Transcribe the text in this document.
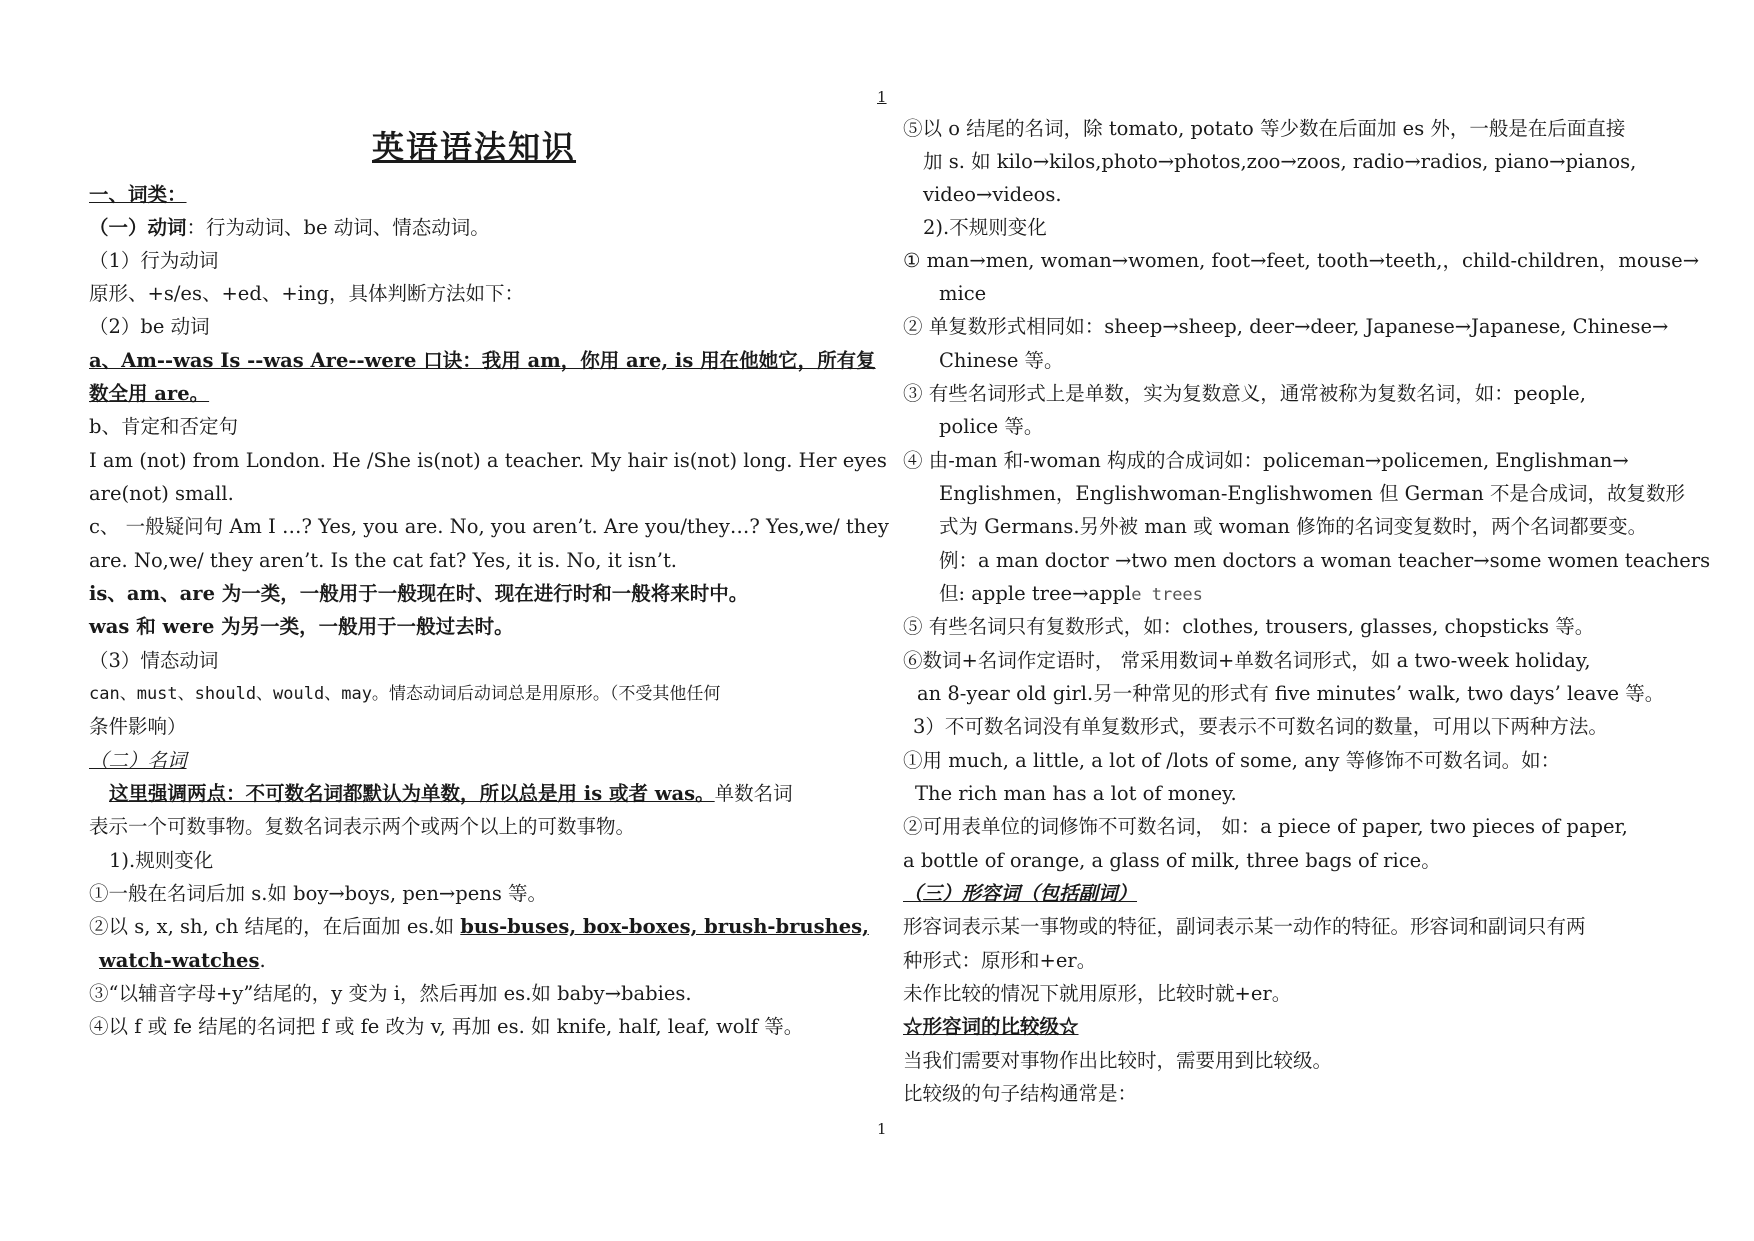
1
英语语法知识
一、词类：
（一）动词：行为动词、be 动词、情态动词。
（1）行为动词
原形、+s/es、+ed、+ing，具体判断方法如下：
（2）be 动词
a、Am--was Is --was Are--were 口诀：我用 am，你用 are, is 用在他她它，所有复
数全用 are。
b、肯定和否定句
I am (not) from London. He /She is(not) a teacher. My hair is(not) long. Her eyes
are(not) small.
c、 一般疑问句 Am I …? Yes, you are. No, you aren’t. Are you/they…? Yes,we/ they
are. No,we/ they aren’t. Is the cat fat? Yes, it is. No, it isn’t.
is、am、are 为一类，一般用于一般现在时、现在进行时和一般将来时中。
was 和 were 为另一类，一般用于一般过去时。
（3）情态动词
can、must、should、would、may。情态动词后动词总是用原形。（不受其他任何
条件影响）
（二）名词
这里强调两点：不可数名词都默认为单数，所以总是用 is 或者 was。单数名词
表示一个可数事物。复数名词表示两个或两个以上的可数事物。
1).规则变化
①一般在名词后加 s.如 boy→boys, pen→pens 等。
②以 s, x, sh, ch 结尾的，在后面加 es.如 bus-buses, box-boxes, brush-brushes,
watch-watches.
③“以辅音字母+y”结尾的，y 变为 i，然后再加 es.如 baby→babies.
④以 f 或 fe 结尾的名词把 f 或 fe 改为 v, 再加 es. 如 knife, half, leaf, wolf 等。
⑤以 o 结尾的名词，除 tomato, potato 等少数在后面加 es 外，一般是在后面直接
加 s. 如 kilo→kilos,photo→photos,zoo→zoos, radio→radios, piano→pianos,
video→videos.
2).不规则变化
① man→men, woman→women, foot→feet, tooth→teeth,，child-children，mouse→
mice
② 单复数形式相同如：sheep→sheep, deer→deer, Japanese→Japanese, Chinese→
Chinese 等。
③ 有些名词形式上是单数，实为复数意义，通常被称为复数名词，如：people,
police 等。
④ 由-man 和-woman 构成的合成词如：policeman→policemen, Englishman→
Englishmen，Englishwoman-Englishwomen 但 German 不是合成词，故复数形
式为 Germans.另外被 man 或 woman 修饰的名词变复数时，两个名词都要变。
例：a man doctor →two men doctors a woman teacher→some women teachers
但: apple tree→apple trees
⑤ 有些名词只有复数形式，如：clothes, trousers, glasses, chopsticks 等。
⑥数词+名词作定语时， 常采用数词+单数名词形式，如 a two-week holiday,
an 8-year old girl.另一种常见的形式有 five minutes’ walk, two days’ leave 等。
3）不可数名词没有单复数形式，要表示不可数名词的数量，可用以下两种方法。
①用 much, a little, a lot of /lots of some, any 等修饰不可数名词。如：
The rich man has a lot of money.
②可用表单位的词修饰不可数名词， 如：a piece of paper, two pieces of paper,
a bottle of orange, a glass of milk, three bags of rice。
（三）形容词（包括副词）
形容词表示某一事物或的特征，副词表示某一动作的特征。形容词和副词只有两
种形式：原形和+er。
未作比较的情况下就用原形，比较时就+er。
☆形容词的比较级☆
当我们需要对事物作出比较时，需要用到比较级。
比较级的句子结构通常是：
1
